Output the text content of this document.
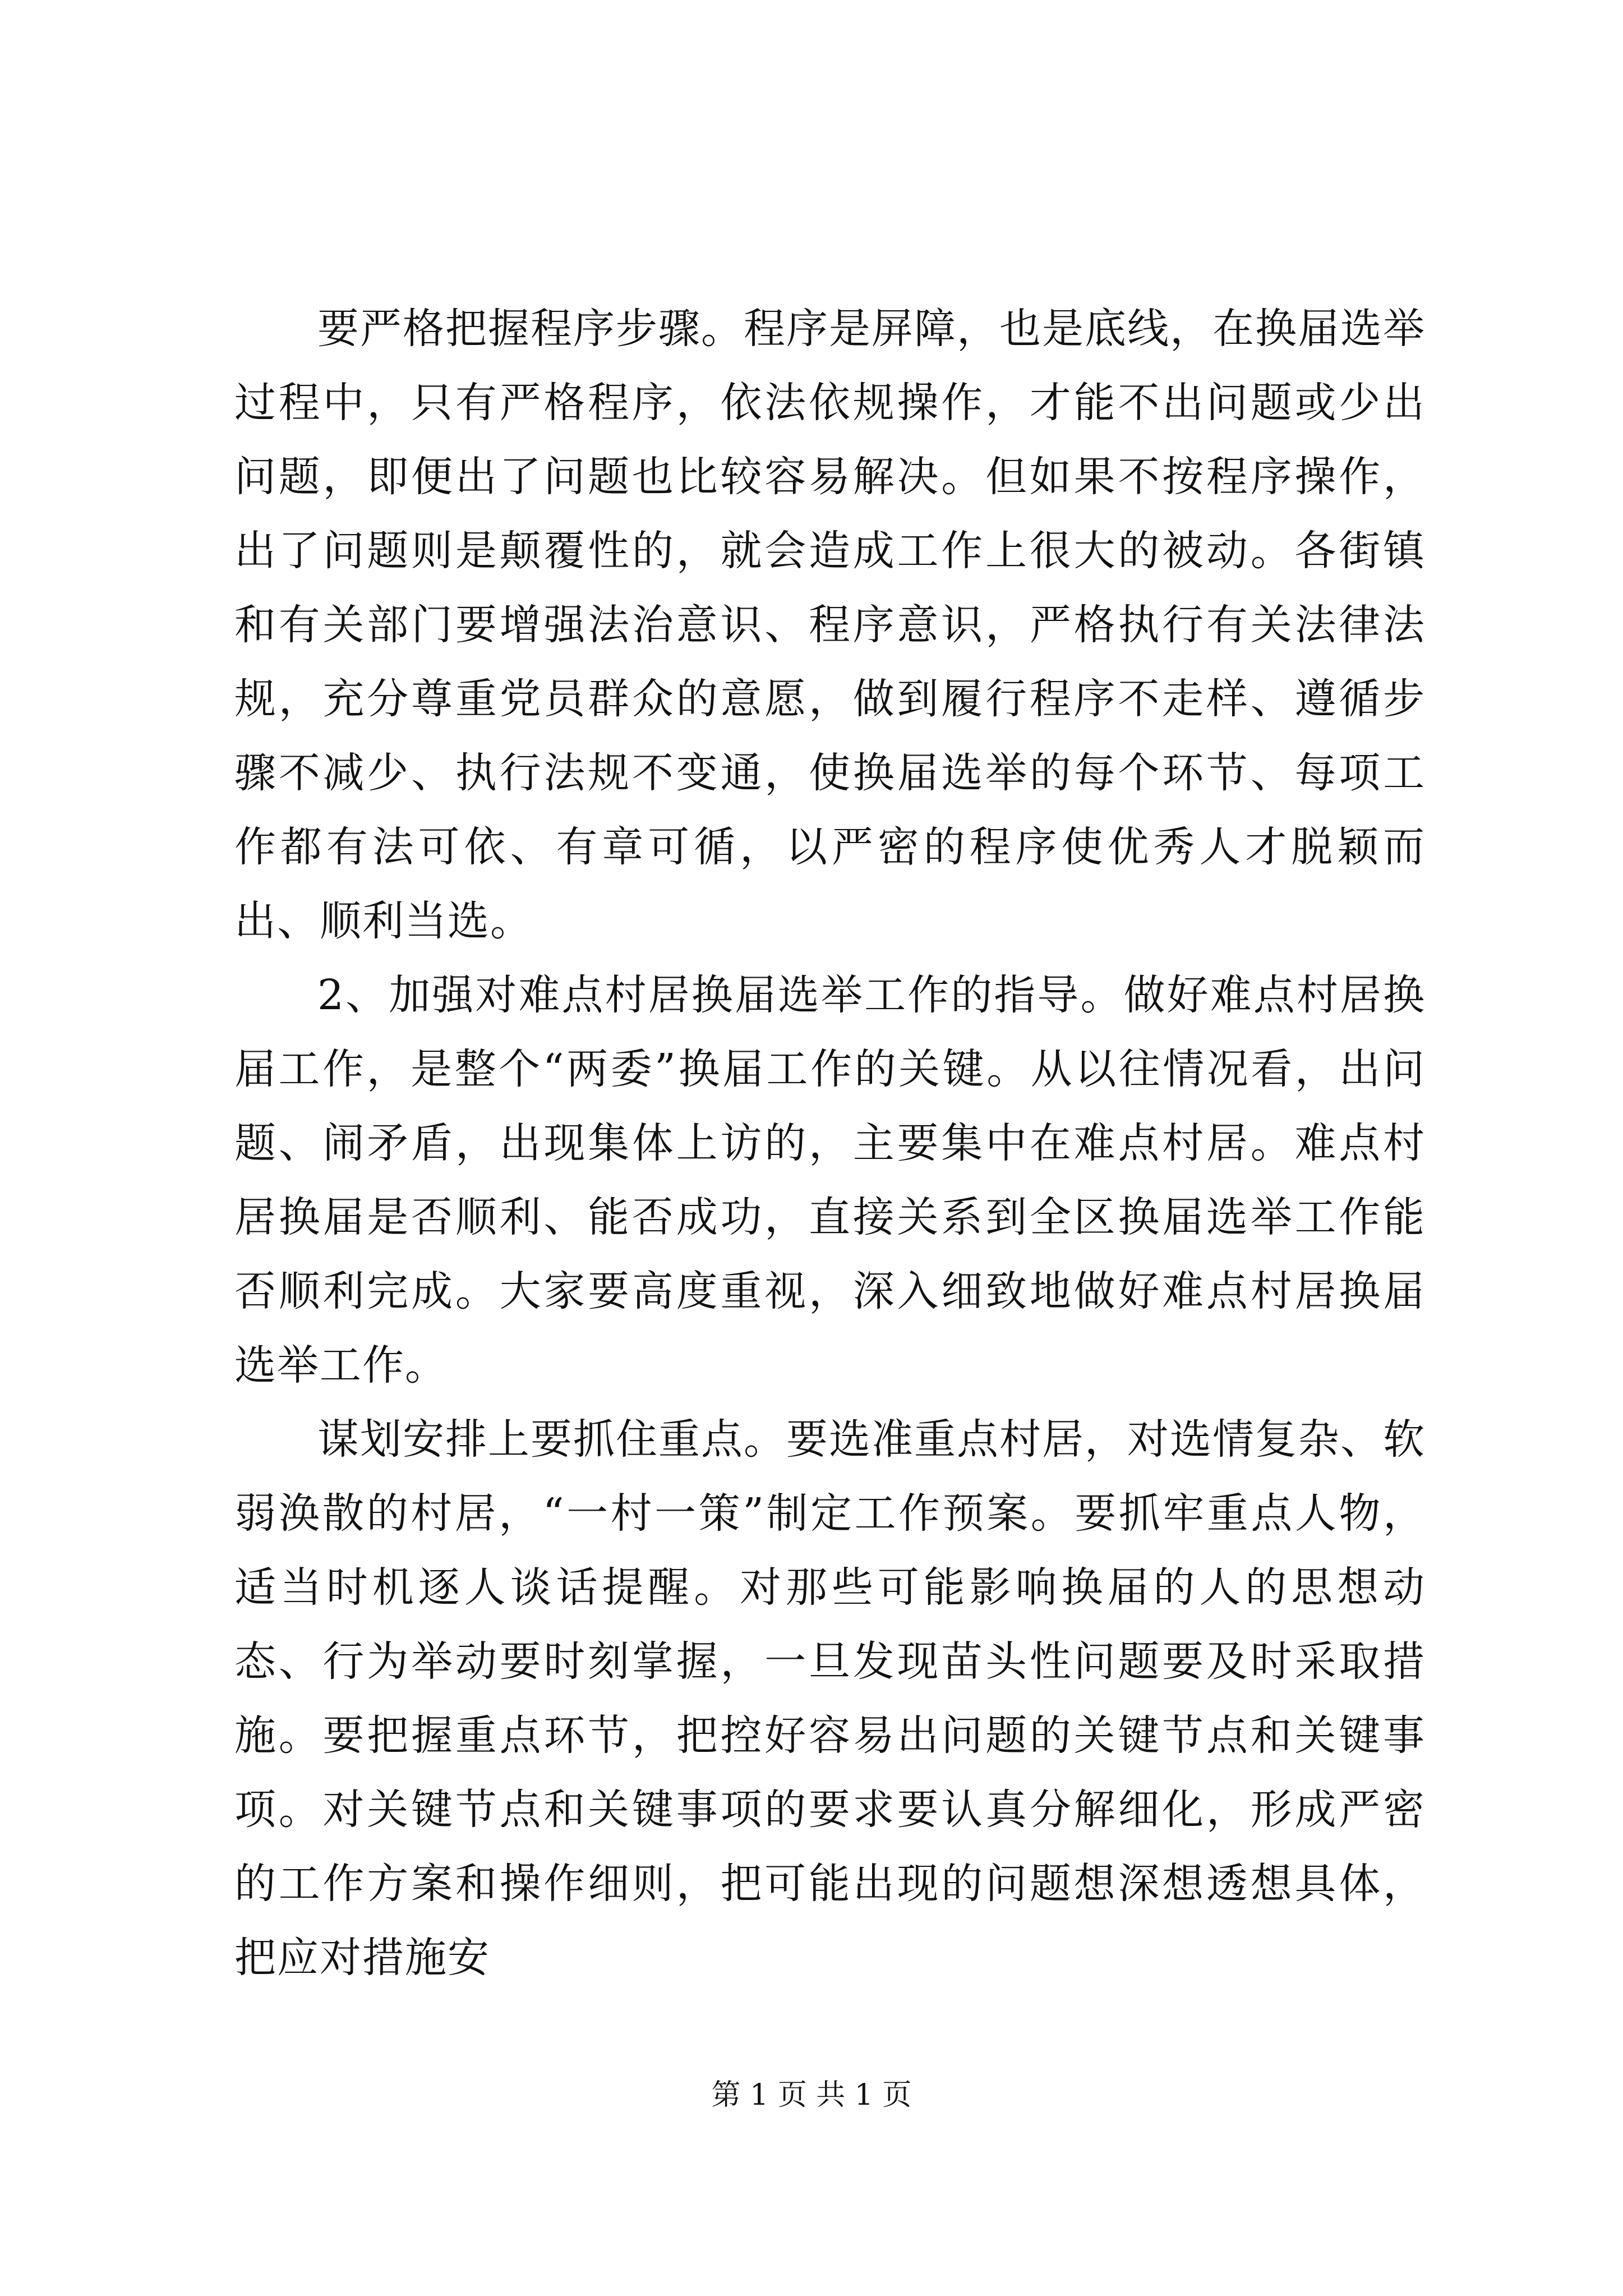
要严格把握程序步骤。程序是屏障，也是底线，在换届选举过程中，只有严格程序，依法依规操作，才能不出问题或少出问题，即便出了问题也比较容易解决。但如果不按程序操作，出了问题则是颠覆性的，就会造成工作上很大的被动。各街镇和有关部门要增强法治意识、程序意识，严格执行有关法律法规，充分尊重党员群众的意愿，做到履行程序不走样、遵循步骤不减少、执行法规不变通，使换届选举的每个环节、每项工作都有法可依、有章可循，以严密的程序使优秀人才脱颖而出、顺利当选。

2、加强对难点村居换届选举工作的指导。做好难点村居换届工作，是整个“两委”换届工作的关键。从以往情况看，出问题、闹矛盾，出现集体上访的，主要集中在难点村居。难点村居换届是否顺利、能否成功，直接关系到全区换届选举工作能否顺利完成。大家要高度重视，深入细致地做好难点村居换届选举工作。

谋划安排上要抓住重点。要选准重点村居，对选情复杂、软弱涣散的村居，“一村一策”制定工作预案。要抓牢重点人物，适当时机逐人谈话提醒。对那些可能影响换届的人的思想动态、行为举动要时刻掌握，一旦发现苗头性问题要及时采取措施。要把握重点环节，把控好容易出问题的关键节点和关键事项。对关键节点和关键事项的要求要认真分解细化，形成严密的工作方案和操作细则，把可能出现的问题想深想透想具体，把应对措施安

第 1 页 共 1 页
